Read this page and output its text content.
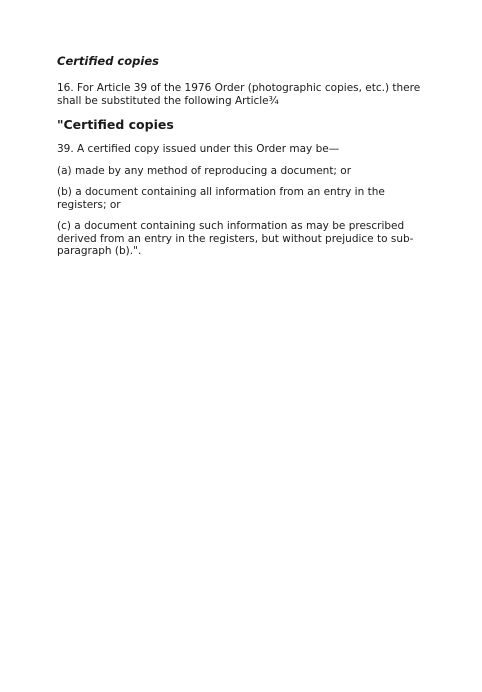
Certified copies
16. For Article 39 of the 1976 Order (photographic copies, etc.) there shall be substituted the following Article¾
"Certified copies
39. A certified copy issued under this Order may be—
(a) made by any method of reproducing a document; or
(b) a document containing all information from an entry in the registers; or
(c) a document containing such information as may be prescribed derived from an entry in the registers, but without prejudice to sub-paragraph (b).".
